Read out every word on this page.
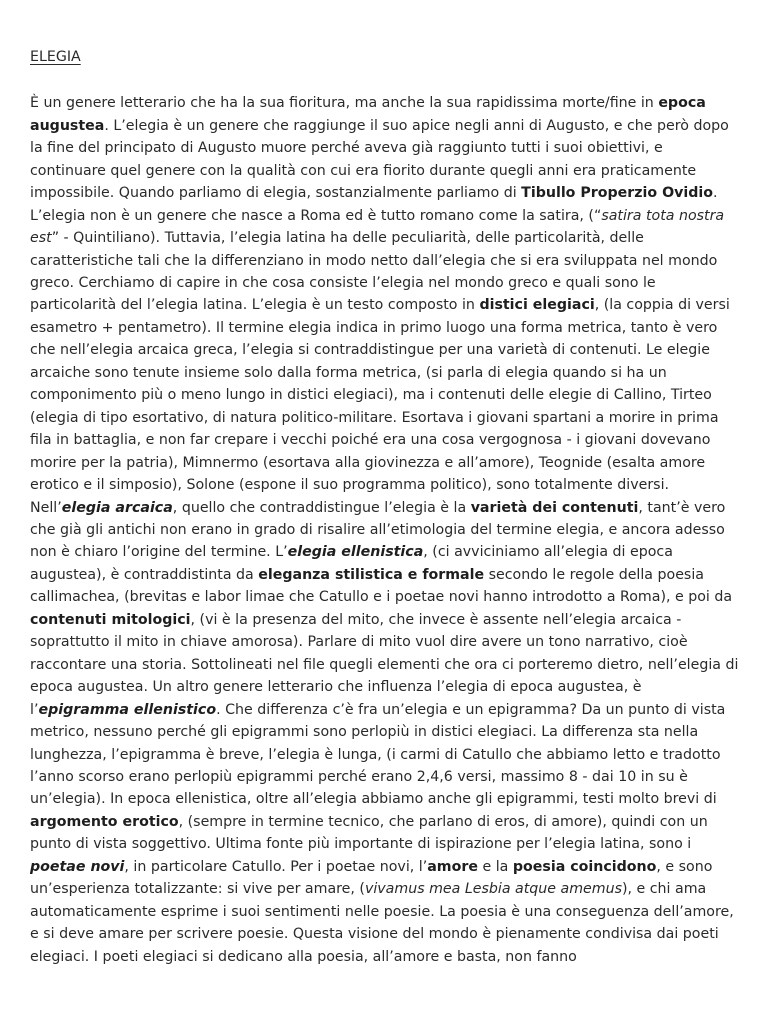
ELEGIA

È un genere letterario che ha la sua fioritura, ma anche la sua rapidissima morte/fine in epoca augustea. L’elegia è un genere che raggiunge il suo apice negli anni di Augusto, e che però dopo la fine del principato di Augusto muore perché aveva già raggiunto tutti i suoi obiettivi, e continuare quel genere con la qualità con cui era fiorito durante quegli anni era praticamente impossibile. Quando parliamo di elegia, sostanzialmente parliamo di Tibullo Properzio Ovidio. L’elegia non è un genere che nasce a Roma ed è tutto romano come la satira, (“satira tota nostra est” - Quintiliano). Tuttavia, l’elegia latina ha delle peculiarità, delle particolarità, delle caratteristiche tali che la differenziano in modo netto dall’elegia che si era sviluppata nel mondo greco. Cerchiamo di capire in che cosa consiste l’elegia nel mondo greco e quali sono le particolarità del l’elegia latina. L’elegia è un testo composto in distici elegiaci, (la coppia di versi esametro + pentametro). Il termine elegia indica in primo luogo una forma metrica, tanto è vero che nell’elegia arcaica greca, l’elegia si contraddistingue per una varietà di contenuti. Le elegie arcaiche sono tenute insieme solo dalla forma metrica, (si parla di elegia quando si ha un componimento più o meno lungo in distici elegiaci), ma i contenuti delle elegie di Callino, Tirteo (elegia di tipo esortativo, di natura politico-militare. Esortava i giovani spartani a morire in prima fila in battaglia, e non far crepare i vecchi poiché era una cosa vergognosa - i giovani dovevano morire per la patria), Mimnermo (esortava alla giovinezza e all’amore), Teognide (esalta amore erotico e il simposio), Solone (espone il suo programma politico), sono totalmente diversi. Nell’elegia arcaica, quello che contraddistingue l’elegia è la varietà dei contenuti, tant’è vero che già gli antichi non erano in grado di risalire all’etimologia del termine elegia, e ancora adesso non è chiaro l’origine del termine. L’elegia ellenistica, (ci avviciniamo all’elegia di epoca augustea), è contraddistinta da eleganza stilistica e formale secondo le regole della poesia callimachea, (brevitas e labor limae che Catullo e i poetae novi hanno introdotto a Roma), e poi da contenuti mitologici, (vi è la presenza del mito, che invece è assente nell’elegia arcaica - soprattutto il mito in chiave amorosa). Parlare di mito vuol dire avere un tono narrativo, cioè raccontare una storia. Sottolineati nel file quegli elementi che ora ci porteremo dietro, nell’elegia di epoca augustea. Un altro genere letterario che influenza l’elegia di epoca augustea, è l’epigramma ellenistico. Che differenza c’è fra un’elegia e un epigramma? Da un punto di vista metrico, nessuno perché gli epigrammi sono perlopiù in distici elegiaci. La differenza sta nella lunghezza, l’epigramma è breve, l’elegia è lunga, (i carmi di Catullo che abbiamo letto e tradotto l’anno scorso erano perlopiù epigrammi perché erano 2,4,6 versi, massimo 8 - dai 10 in su è un’elegia). In epoca ellenistica, oltre all’elegia abbiamo anche gli epigrammi, testi molto brevi di argomento erotico, (sempre in termine tecnico, che parlano di eros, di amore), quindi con un punto di vista soggettivo. Ultima fonte più importante di ispirazione per l’elegia latina, sono i poetae novi, in particolare Catullo. Per i poetae novi, l’amore e la poesia coincidono, e sono un’esperienza totalizzante: si vive per amare, (vivamus mea Lesbia atque amemus), e chi ama automaticamente esprime i suoi sentimenti nelle poesie. La poesia è una conseguenza dell’amore, e si deve amare per scrivere poesie. Questa visione del mondo è pienamente condivisa dai poeti elegiaci. I poeti elegiaci si dedicano alla poesia, all’amore e basta, non fanno
